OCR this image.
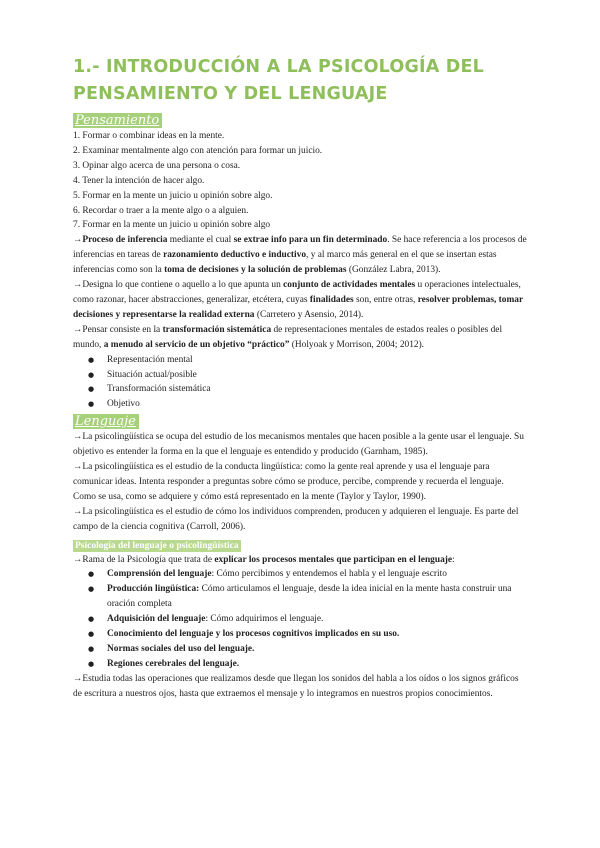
1.- INTRODUCCIÓN A LA PSICOLOGÍA DEL
PENSAMIENTO Y DEL LENGUAJE
Pensamiento

1. Formar o combinar ideas en la mente.

2. Examinar mentalmente algo con atención para formar un juicio.

3. Opinar algo acerca de una persona o cosa.

4. Tener la intención de hacer algo.

5. Formar en la mente un juicio u opinión sobre algo.

6. Recordar o traer a la mente algo o a alguien.

7. Formar en la mente un juicio u opinión sobre algo

→Proceso de inferencia mediante el cual se extrae info para un fin determinado. Se hace referencia a los procesos de inferencias en tareas de razonamiento deductivo e inductivo, y al marco más general en el que se insertan estas inferencias como son la toma de decisiones y la solución de problemas (González Labra, 2013).

→Designa lo que contiene o aquello a lo que apunta un conjunto de actividades mentales u operaciones intelectuales, como razonar, hacer abstracciones, generalizar, etcétera, cuyas finalidades son, entre otras, resolver problemas, tomar decisiones y representarse la realidad externa (Carretero y Asensio, 2014).

→Pensar consiste en la transformación sistemática de representaciones mentales de estados reales o posibles del mundo, a menudo al servicio de un objetivo “práctico” (Holyoak y Morrison, 2004; 2012).

● Representación mental
● Situación actual/posible
● Transformación sistemática
● Objetivo
Lenguaje

→La psicolingüística se ocupa del estudio de los mecanismos mentales que hacen posible a la gente usar el lenguaje. Su objetivo es entender la forma en la que el lenguaje es entendido y producido (Garnham, 1985).

→La psicolingüística es el estudio de la conducta lingüística: como la gente real aprende y usa el lenguaje para comunicar ideas. Intenta responder a preguntas sobre cómo se produce, percibe, comprende y recuerda el lenguaje. Como se usa, como se adquiere y cómo está representado en la mente (Taylor y Taylor, 1990).

→La psicolingüística es el estudio de cómo los individuos comprenden, producen y adquieren el lenguaje. Es parte del campo de la ciencia cognitiva (Carroll, 2006).

Psicología del lenguaje o psicolingüística

→Rama de la Psicología que trata de explicar los procesos mentales que participan en el lenguaje:

● Comprensión del lenguaje: Cómo percibimos y entendemos el habla y el lenguaje escrito
● Producción lingüística: Cómo articulamos el lenguaje, desde la idea inicial en la mente hasta construir una oración completa
● Adquisición del lenguaje: Cómo adquirimos el lenguaje.
● Conocimiento del lenguaje y los procesos cognitivos implicados en su uso.
● Normas sociales del uso del lenguaje.
● Regiones cerebrales del lenguaje.

→Estudia todas las operaciones que realizamos desde que llegan los sonidos del habla a los oídos o los signos gráficos de escritura a nuestros ojos, hasta que extraemos el mensaje y lo integramos en nuestros propios conocimientos.
